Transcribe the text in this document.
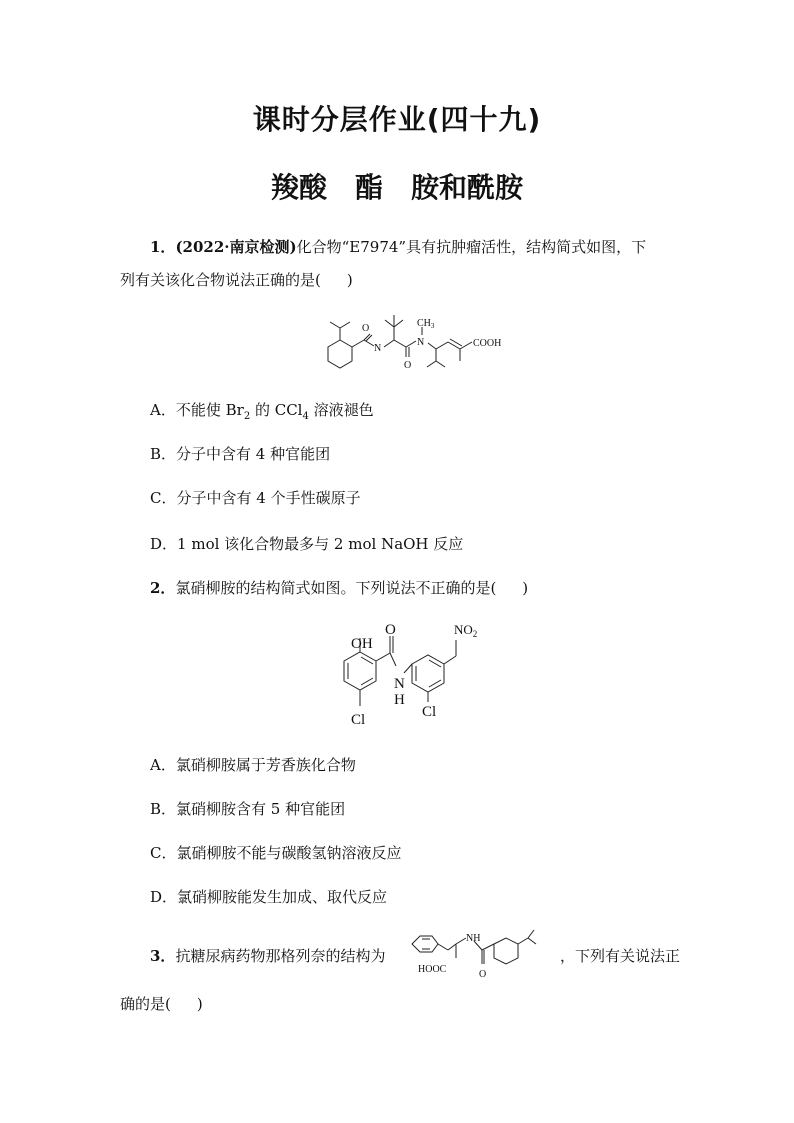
课时分层作业(四十九)
羧酸 酯 胺和酰胺
1．(2022·南京检测)化合物“E7974”具有抗肿瘤活性，结构简式如图，下
列有关该化合物说法正确的是( )
O
N
O
N
$CH_3$
COOH
A．不能使 $Br_2$ 的 CCl$_4$ 溶液褪色
B．分子中含有 4 种官能团
C．分子中含有 4 个手性碳原子
D．1 mol 该化合物最多与 2 mol NaOH 反应
2．氯硝柳胺的结构简式如图。下列说法不正确的是( )
OH
O	$NO_2$
N
H
Cl
Cl
A．氯硝柳胺属于芳香族化合物
B．氯硝柳胺含有 5 种官能团
C．氯硝柳胺不能与碳酸氢钠溶液反应
D．氯硝柳胺能发生加成、取代反应
3．抗糖尿病药物那格列奈的结构为
NH
HOOC	O
，下列有关说法正
确的是( )
